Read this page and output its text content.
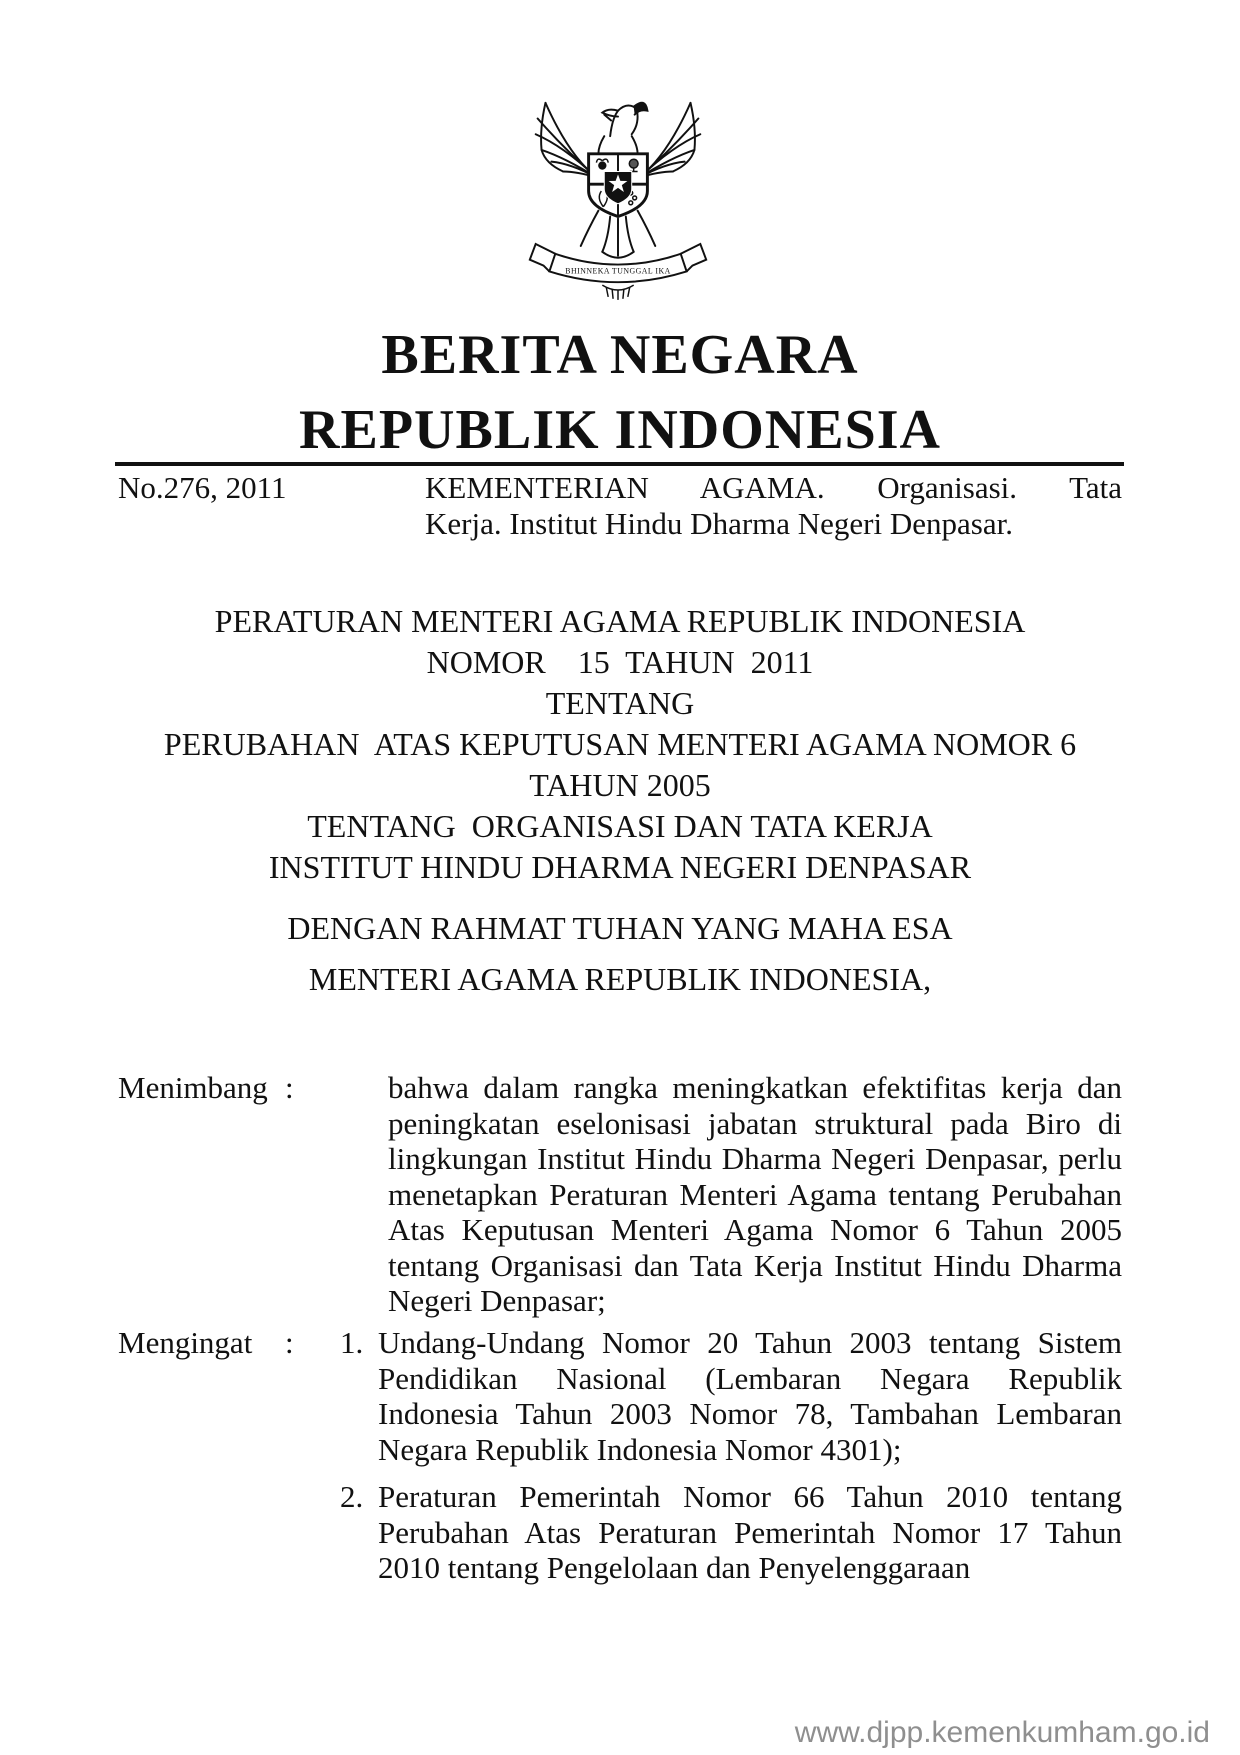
BHINNEKA TUNGGAL IKA
BERITA NEGARA
REPUBLIK INDONESIA
No.276, 2011	KEMENTERIAN AGAMA. Organisasi. Tata
Kerja. Institut Hindu Dharma Negeri Denpasar.
PERATURAN MENTERI AGAMA REPUBLIK INDONESIA
NOMOR    15  TAHUN  2011
TENTANG
PERUBAHAN  ATAS KEPUTUSAN MENTERI AGAMA NOMOR 6
TAHUN 2005
TENTANG  ORGANISASI DAN TATA KERJA
INSTITUT HINDU DHARMA NEGERI DENPASAR
DENGAN RAHMAT TUHAN YANG MAHA ESA
MENTERI AGAMA REPUBLIK INDONESIA,
Menimbang :	bahwa dalam rangka meningkatkan efektifitas kerja dan peningkatan eselonisasi jabatan struktural pada Biro di lingkungan Institut Hindu Dharma Negeri Denpasar, perlu menetapkan Peraturan Menteri Agama tentang Perubahan Atas Keputusan Menteri Agama Nomor 6 Tahun 2005 tentang Organisasi dan Tata Kerja Institut Hindu Dharma Negeri Denpasar;
Mengingat	:	1. Undang-Undang Nomor 20 Tahun 2003 tentang Sistem Pendidikan Nasional (Lembaran Negara Republik Indonesia Tahun 2003 Nomor 78, Tambahan Lembaran Negara Republik Indonesia Nomor 4301);
2. Peraturan Pemerintah Nomor 66 Tahun 2010 tentang Perubahan Atas Peraturan Pemerintah Nomor 17 Tahun 2010 tentang Pengelolaan dan Penyelenggaraan
www.djpp.kemenkumham.go.id
